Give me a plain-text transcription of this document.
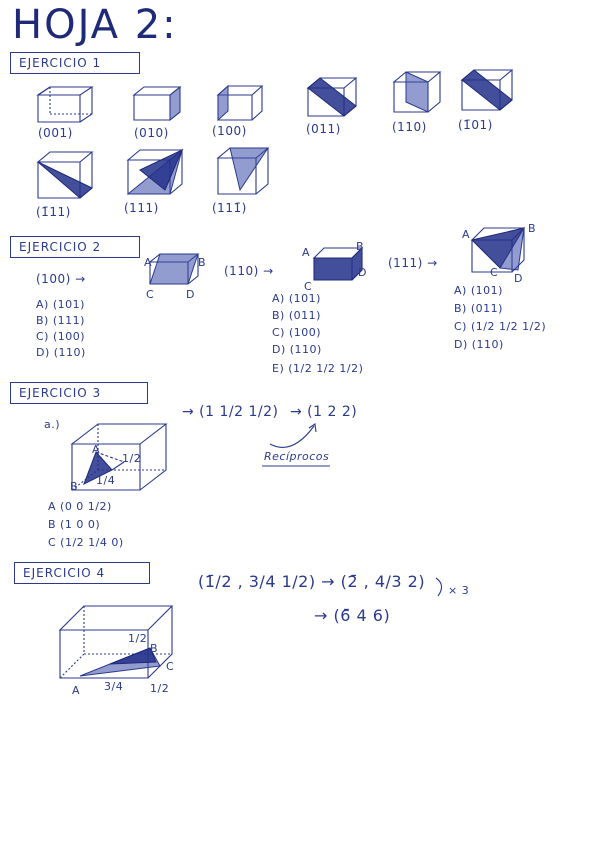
HOJA 2:
EJERCICIO 1
EJERCICIO 2
EJERCICIO 3
EJERCICIO 4
(001)	(010)	(100)	(011)	(110)	(1̄01)
(1̄11)	(111)	(111̄)
(100) →
A) (101)
B) (111)
C) (100)
D) (110)
A	B
C	D
(110) →
A) (101)
B) (011)
C) (100)
D) (110)
E) (1/2 1/2 1/2)
A	B
C
D
(111) →
A) (101)
B) (011)
C) (1/2 1/2 1/2)
D) (110)
A	B
C D
a.)
→ (1 1/2 1/2) → (1 2 2)
Recíprocos
A
B 1/4
1/2
A (0 0 1/2)
B (1 0 0)
C (1/2 1/4 0)
(1̄/2 , 3/4 1/2) → (2̄ , 4/3 2) × 3
→ (6̄ 4 6)
A
B
C
3/4 1/2
1/2
